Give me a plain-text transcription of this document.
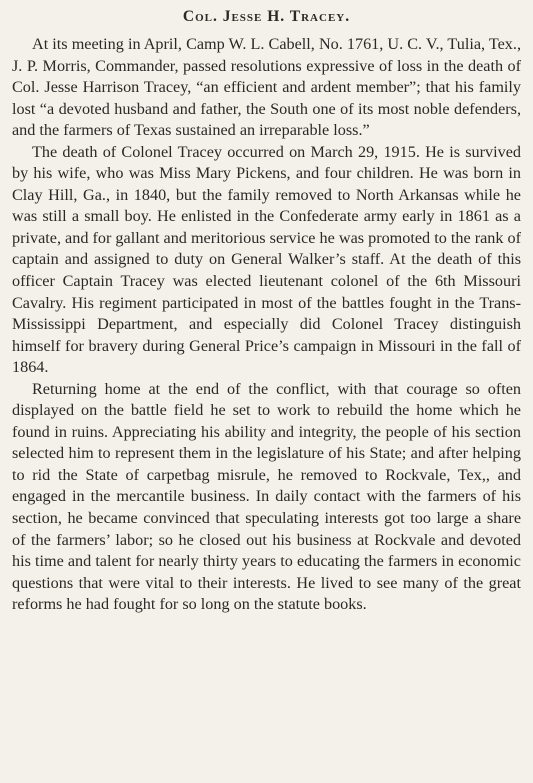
Col. Jesse H. Tracey.

At its meeting in April, Camp W. L. Cabell, No. 1761, U. C. V., Tulia, Tex., J. P. Morris, Commander, passed resolutions expressive of loss in the death of Col. Jesse Harrison Tracey, “an efficient and ardent member”; that his family lost “a devoted husband and father, the South one of its most noble defenders, and the farmers of Texas sustained an irreparable loss.”

The death of Colonel Tracey occurred on March 29, 1915. He is survived by his wife, who was Miss Mary Pickens, and four children. He was born in Clay Hill, Ga., in 1840, but the family removed to North Arkansas while he was still a small boy. He enlisted in the Confederate army early in 1861 as a private, and for gallant and meritorious service he was promoted to the rank of captain and assigned to duty on General Walker’s staff. At the death of this officer Captain Tracey was elected lieutenant colonel of the 6th Missouri Cavalry. His regiment participated in most of the battles fought in the Trans-Mississippi Department, and especially did Colonel Tracey distinguish himself for bravery during General Price’s campaign in Missouri in the fall of 1864.

Returning home at the end of the conflict, with that courage so often displayed on the battle field he set to work to rebuild the home which he found in ruins. Appreciating his ability and integrity, the people of his section selected him to represent them in the legislature of his State; and after helping to rid the State of carpetbag misrule, he removed to Rockvale, Tex,, and engaged in the mercantile business. In daily contact with the farmers of his section, he became convinced that speculating interests got too large a share of the farmers’ labor; so he closed out his business at Rockvale and devoted his time and talent for nearly thirty years to educating the farmers in economic questions that were vital to their interests. He lived to see many of the great reforms he had fought for so long on the statute books.
